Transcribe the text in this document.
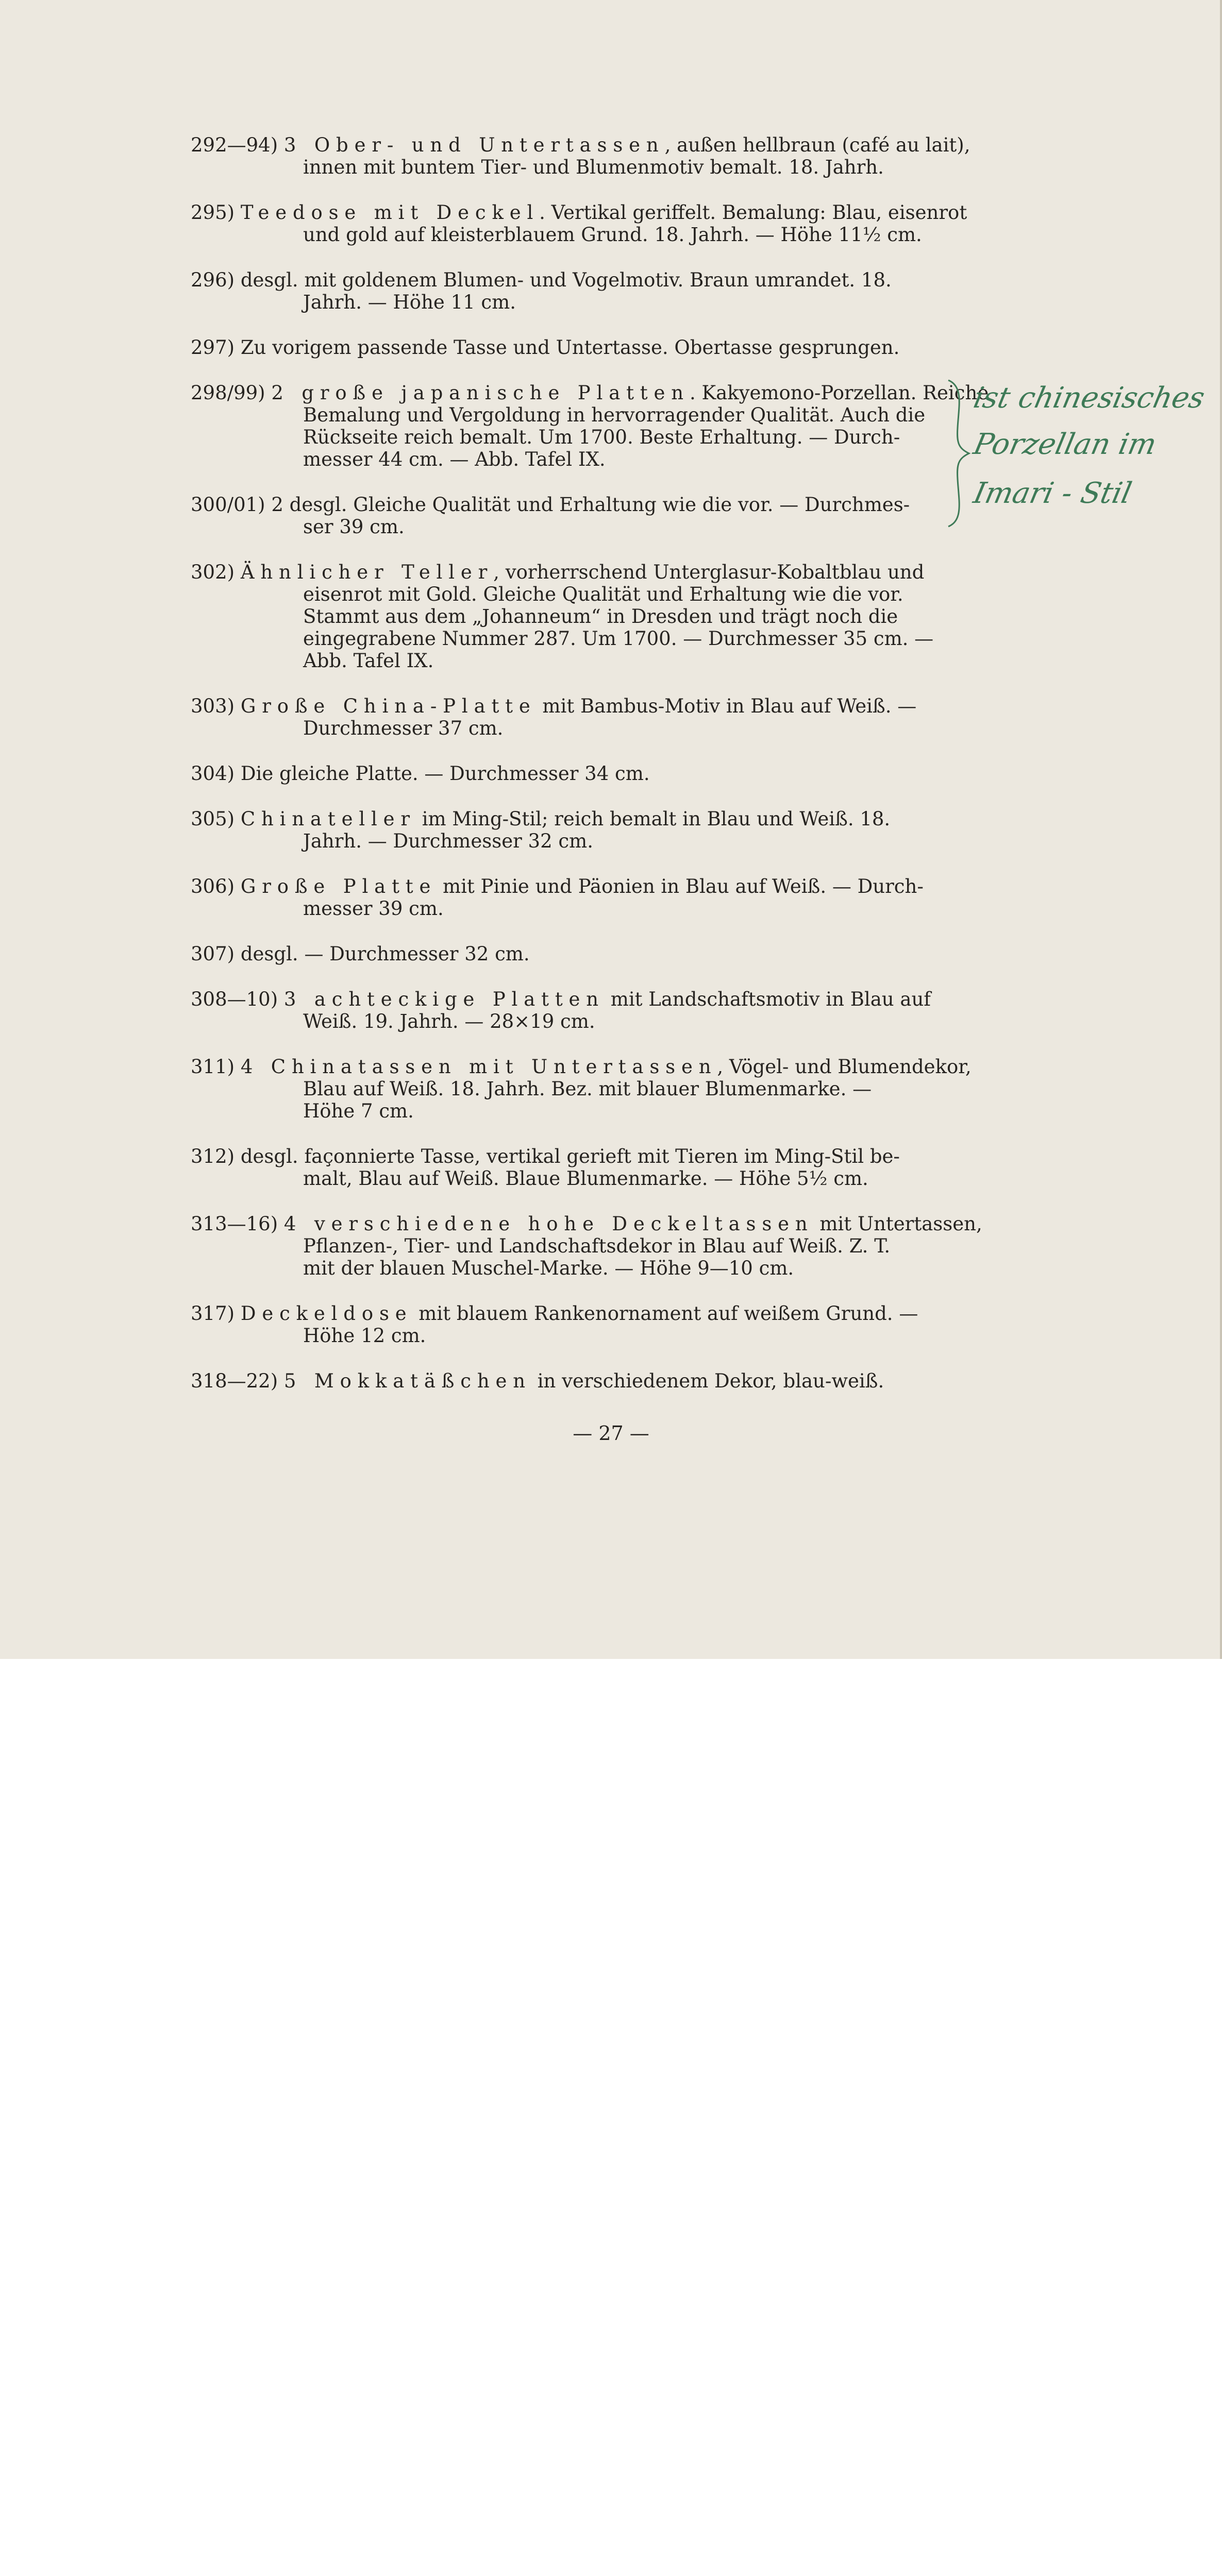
292—94) 3 Ober- und Untertassen, außen hellbraun (café au lait),
innen mit buntem Tier- und Blumenmotiv bemalt. 18. Jahrh.
295) Teedose mit Deckel. Vertikal geriffelt. Bemalung: Blau, eisenrot
und gold auf kleisterblauem Grund. 18. Jahrh. — Höhe 11½ cm.
296) desgl. mit goldenem Blumen- und Vogelmotiv. Braun umrandet. 18.
Jahrh. — Höhe 11 cm.
297) Zu vorigem passende Tasse und Untertasse. Obertasse gesprungen.
298/99) 2 große japanische Platten. Kakyemono-Porzellan. Reiche
Bemalung und Vergoldung in hervorragender Qualität. Auch die
Rückseite reich bemalt. Um 1700. Beste Erhaltung. — Durch-
messer 44 cm. — Abb. Tafel IX.
300/01) 2 desgl. Gleiche Qualität und Erhaltung wie die vor. — Durchmes-
ser 39 cm.
302) Ähnlicher Teller, vorherrschend Unterglasur-Kobaltblau und
eisenrot mit Gold. Gleiche Qualität und Erhaltung wie die vor.
Stammt aus dem „Johanneum“ in Dresden und trägt noch die
eingegrabene Nummer 287. Um 1700. — Durchmesser 35 cm. —
Abb. Tafel IX.
303) Große China-Platte mit Bambus-Motiv in Blau auf Weiß. —
Durchmesser 37 cm.
304) Die gleiche Platte. — Durchmesser 34 cm.
305) Chinateller im Ming-Stil; reich bemalt in Blau und Weiß. 18.
Jahrh. — Durchmesser 32 cm.
306) Große Platte mit Pinie und Päonien in Blau auf Weiß. — Durch-
messer 39 cm.
307) desgl. — Durchmesser 32 cm.
308—10) 3 achteckige Platten mit Landschaftsmotiv in Blau auf
Weiß. 19. Jahrh. — 28×19 cm.
311) 4 Chinatassen mit Untertassen, Vögel- und Blumendekor,
Blau auf Weiß. 18. Jahrh. Bez. mit blauer Blumenmarke. —
Höhe 7 cm.
312) desgl. façonnierte Tasse, vertikal gerieft mit Tieren im Ming-Stil be-
malt, Blau auf Weiß. Blaue Blumenmarke. — Höhe 5½ cm.
313—16) 4 verschiedene hohe Deckeltassen mit Untertassen,
Pflanzen-, Tier- und Landschaftsdekor in Blau auf Weiß. Z. T.
mit der blauen Muschel-Marke. — Höhe 9—10 cm.
317) Deckeldose mit blauem Rankenornament auf weißem Grund. —
Höhe 12 cm.
318—22) 5 Mokkatäßchen in verschiedenem Dekor, blau-weiß.
ist chinesisches
Porzellan im
Imari - Stil
— 27 —
